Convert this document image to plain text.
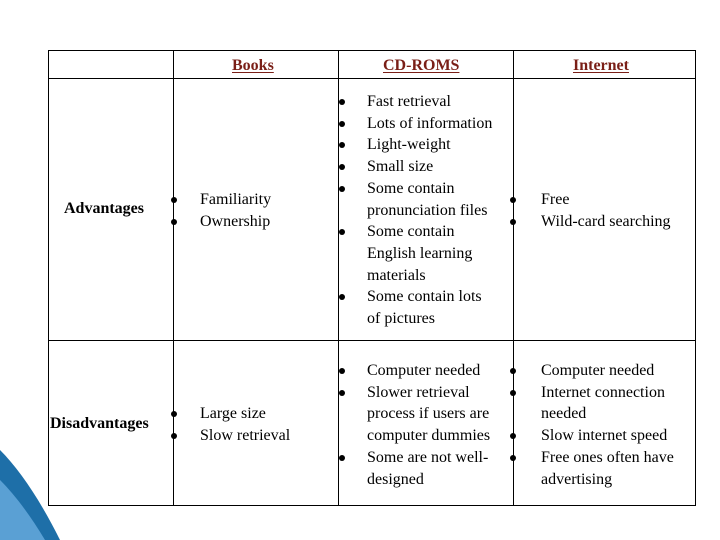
Books	CD-ROMS	Internet
Advantages
Disadvantages
Familiarity
Ownership
Fast retrieval
Lots of information
Light-weight
Small size
Some contain
pronunciation files
Some contain
English learning
materials
Some contain lots
of pictures
Free
Wild-card searching
Large size
Slow retrieval
Computer needed
Slower retrieval
process if users are
computer dummies
Some are not well-
designed
Computer needed
Internet connection
needed
Slow internet speed
Free ones often have
advertising
